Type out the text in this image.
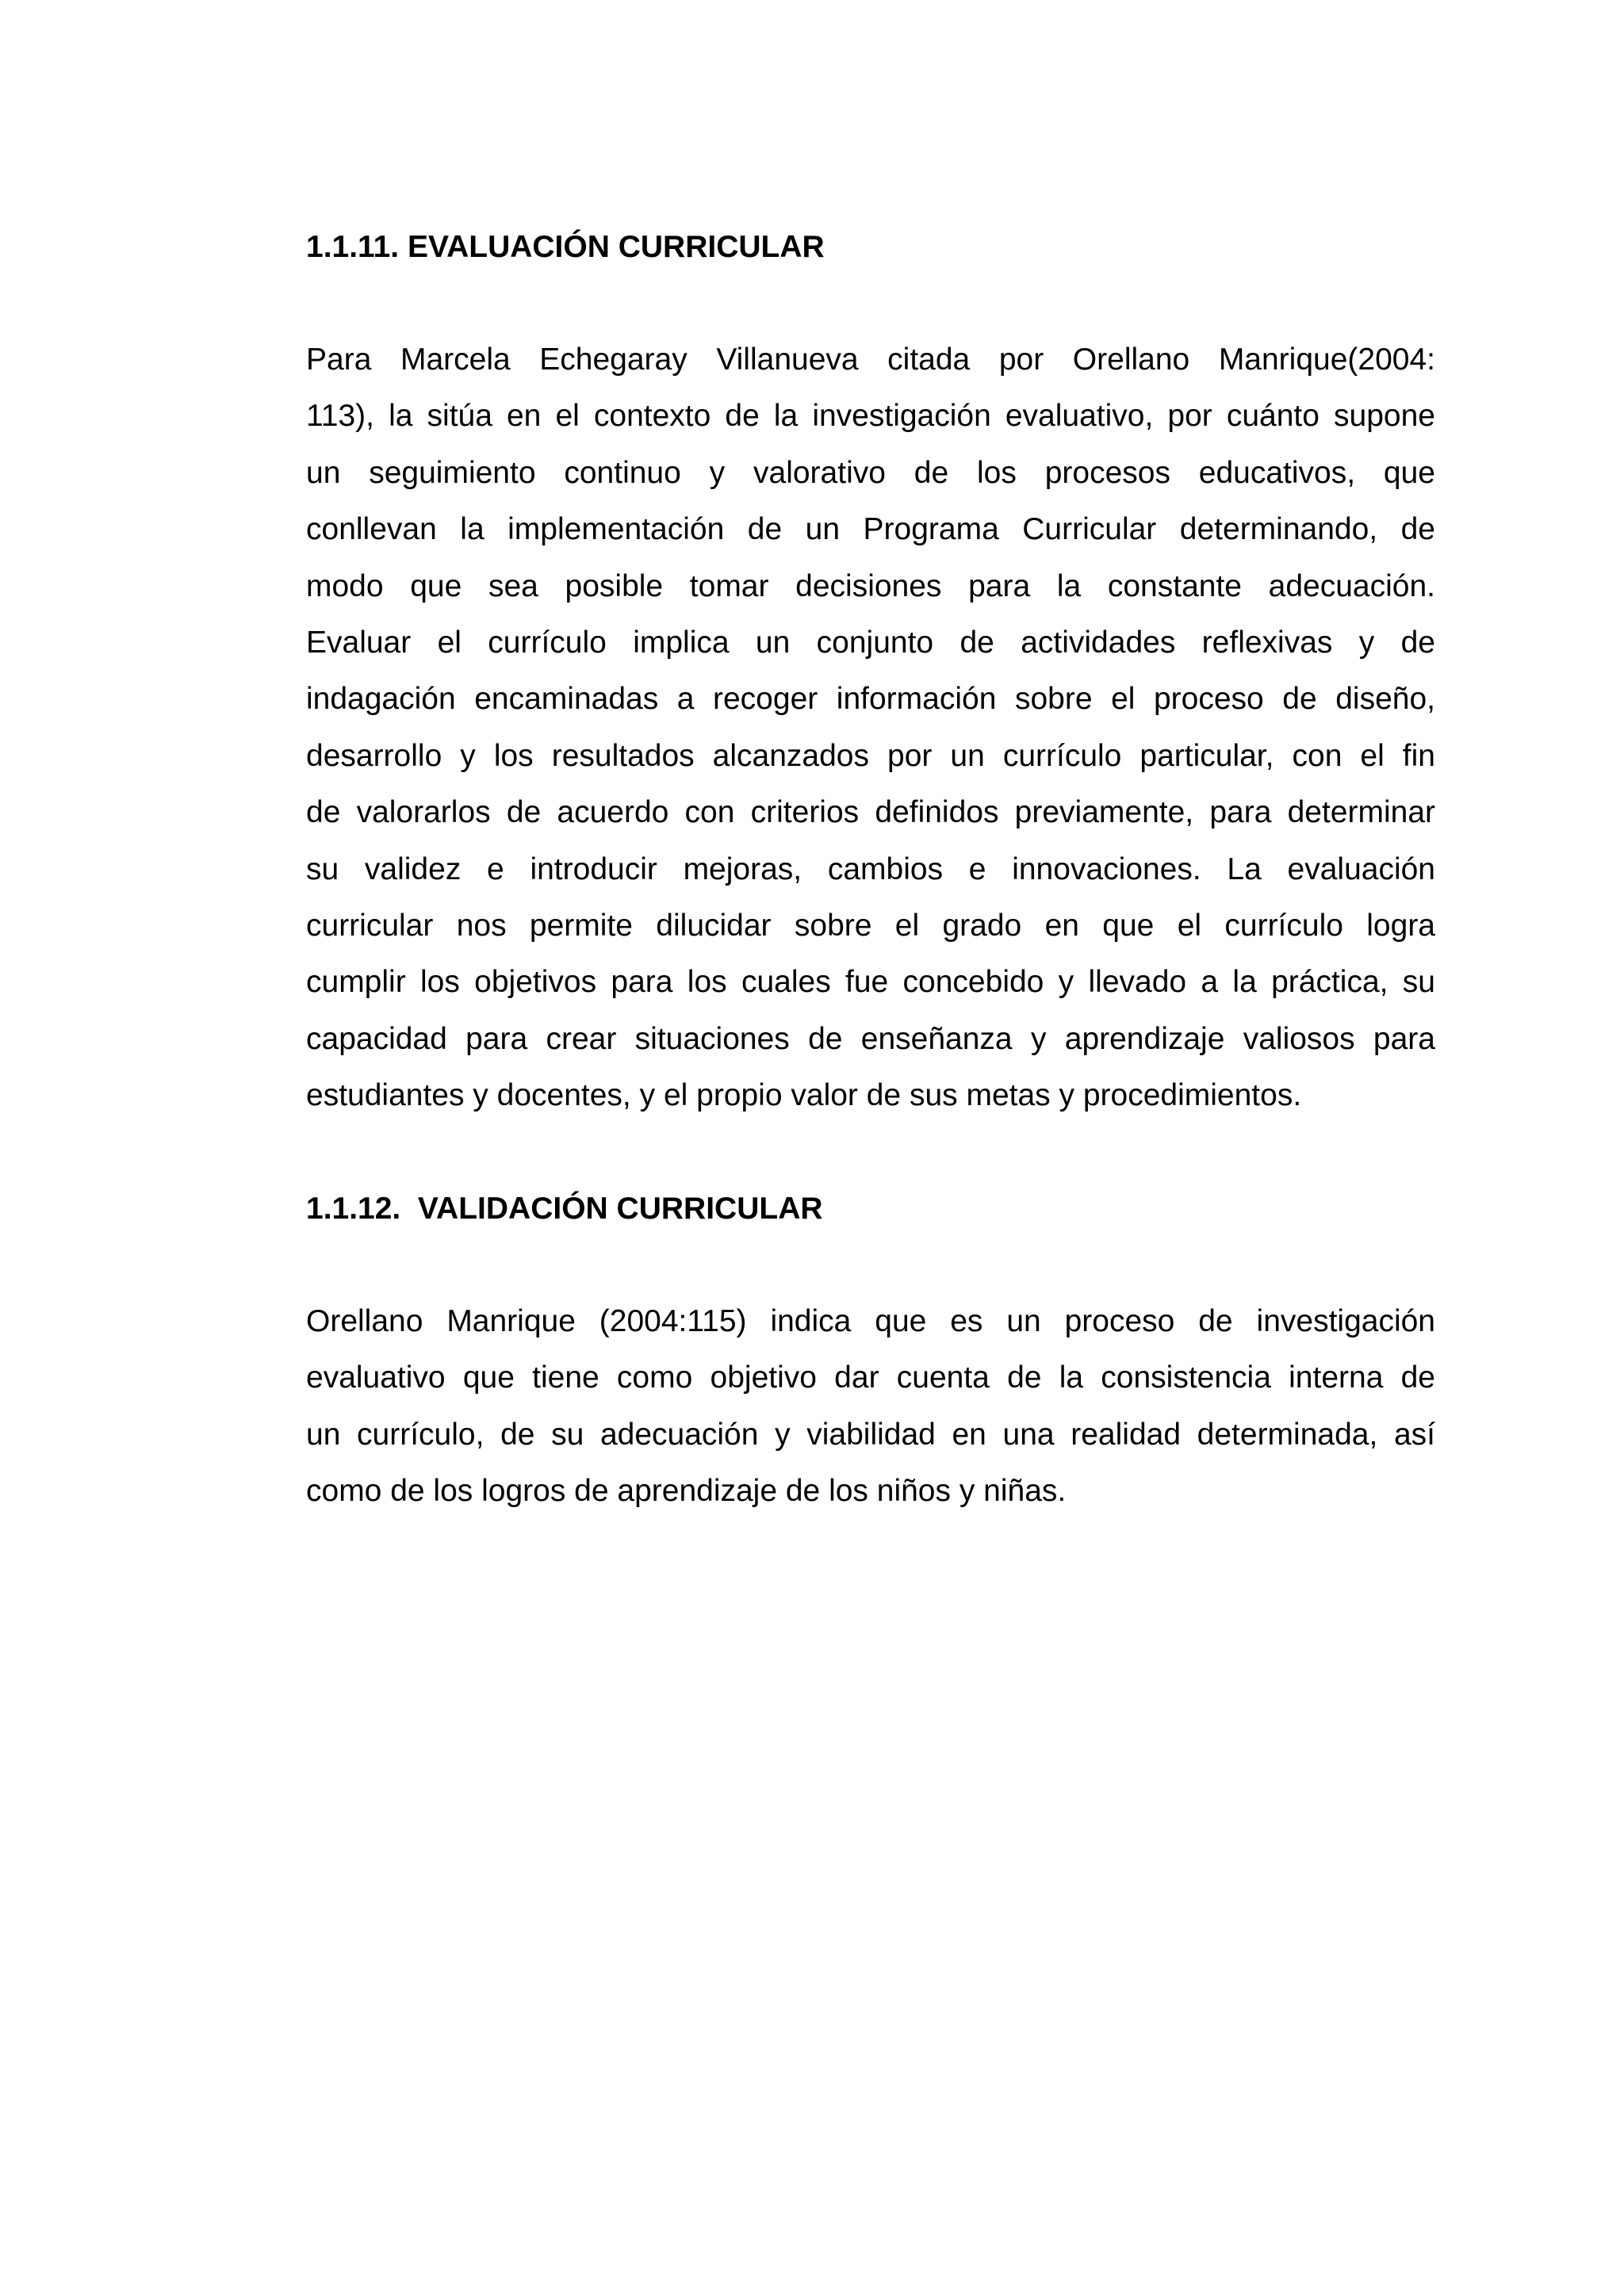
1.1.11. EVALUACIÓN CURRICULAR
Para Marcela Echegaray Villanueva citada por Orellano Manrique(2004:
113), la sitúa en el contexto de la investigación evaluativo, por cuánto supone
un seguimiento continuo y valorativo de los procesos educativos, que
conllevan la implementación de un Programa Curricular determinando, de
modo que sea posible tomar decisiones para la constante adecuación.
Evaluar el currículo implica un conjunto de actividades reflexivas y de
indagación encaminadas a recoger información sobre el proceso de diseño,
desarrollo y los resultados alcanzados por un currículo particular, con el fin
de valorarlos de acuerdo con criterios definidos previamente, para determinar
su validez e introducir mejoras, cambios e innovaciones. La evaluación
curricular nos permite dilucidar sobre el grado en que el currículo logra
cumplir los objetivos para los cuales fue concebido y llevado a la práctica, su
capacidad para crear situaciones de enseñanza y aprendizaje valiosos para
estudiantes y docentes, y el propio valor de sus metas y procedimientos.
1.1.12.  VALIDACIÓN CURRICULAR
Orellano Manrique (2004:115) indica que es un proceso de investigación
evaluativo que tiene como objetivo dar cuenta de la consistencia interna de
un currículo, de su adecuación y viabilidad en una realidad determinada, así
como de los logros de aprendizaje de los niños y niñas.
